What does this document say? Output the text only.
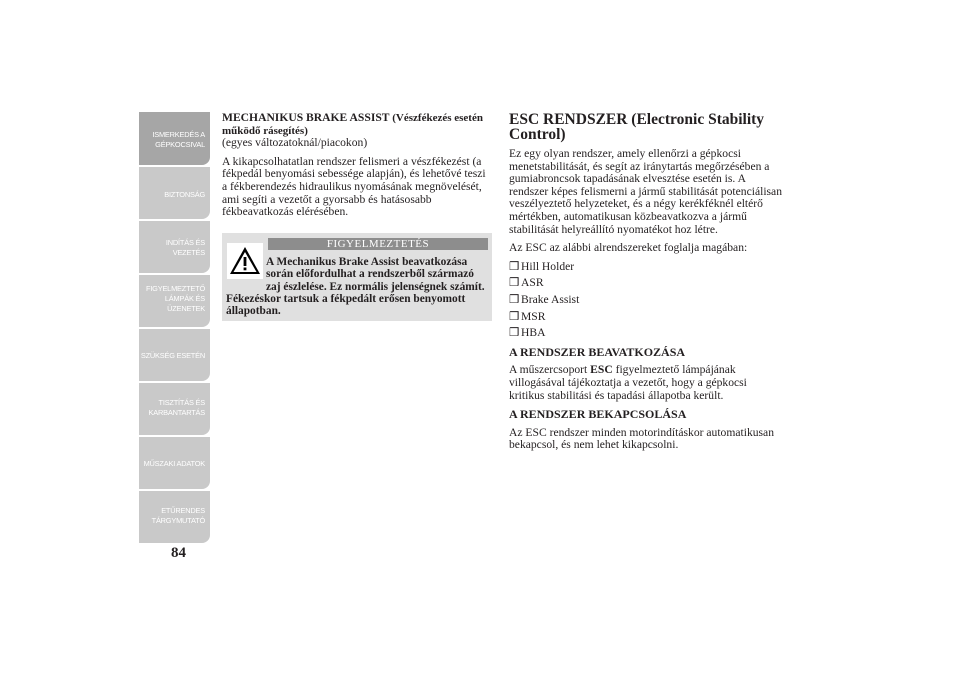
ISMERKEDÉS A
GÉPKOCSIVAL
BIZTONSÁG
INDÍTÁS ÉS
VEZETÉS
FIGYELMEZTETŐ
LÁMPÁK ÉS
ÜZENETEK
SZÜKSÉG ESETÉN
TISZTÍTÁS ÉS
KARBANTARTÁS
MŰSZAKI ADATOK
ETŰRENDES
TÁRGYMUTATÓ
84

MECHANIKUS BRAKE ASSIST (Vészfékezés esetén működő rásegítés)

(egyes változatoknál/piacokon)

A kikapcsolhatatlan rendszer felismeri a vészfékezést (a fékpedál benyomási sebessége alapján), és lehetővé teszi a fékberendezés hidraulikus nyomásának megnövelését, ami segíti a vezetőt a gyorsabb és hatásosabb fékbeavatkozás elérésében.

FIGYELMEZTETÉS
A Mechanikus Brake Assist beavatkozása során előfordulhat a rendszerből származó zaj észlelése. Ez normális jelenségnek számít. Fékezéskor tartsuk a fékpedált erősen benyomott állapotban.

ESC RENDSZER (Electronic Stability Control)

Ez egy olyan rendszer, amely ellenőrzi a gépkocsi menetstabilitását, és segít az iránytartás megőrzésében a gumiabroncsok tapadásának elvesztése esetén is. A rendszer képes felismerni a jármű stabilitását potenciálisan veszélyeztető helyzeteket, és a négy kerékféknél eltérő mértékben, automatikusan közbeavatkozva a jármű stabilitását helyreállító nyomatékot hoz létre.

Az ESC az alábbi alrendszereket foglalja magában:

❒ Hill Holder
❒ ASR
❒ Brake Assist
❒ MSR
❒ HBA

A RENDSZER BEAVATKOZÁSA

A műszercsoport ESC figyelmeztető lámpájának villogásával tájékoztatja a vezetőt, hogy a gépkocsi kritikus stabilitási és tapadási állapotba került.

A RENDSZER BEKAPCSOLÁSA

Az ESC rendszer minden motorindításkor automatikusan bekapcsol, és nem lehet kikapcsolni.
